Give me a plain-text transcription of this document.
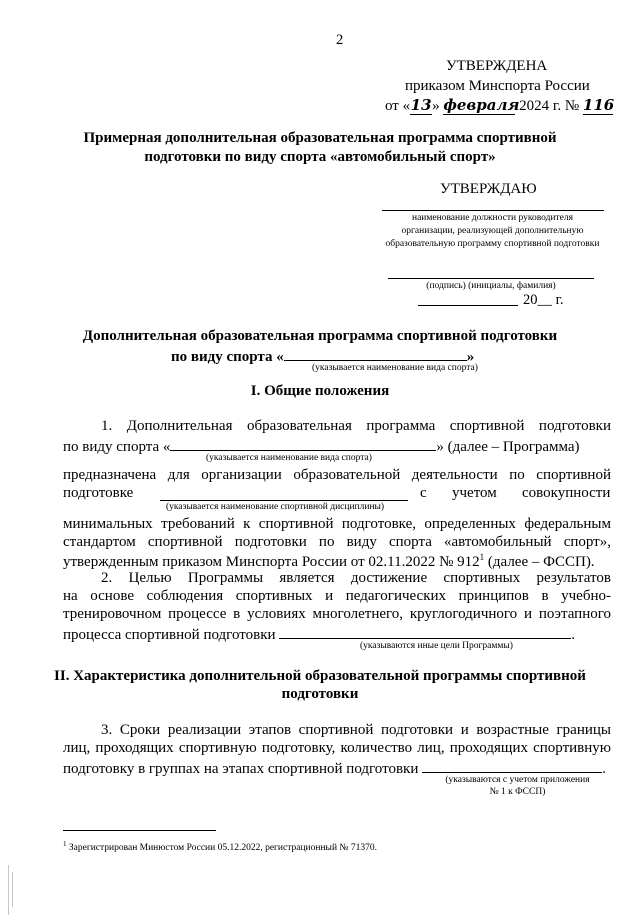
2
УТВЕРЖДЕНА
приказом Минспорта России
от «13» февраля 2024 г. № 116
Примерная дополнительная образовательная программа спортивной
подготовки по виду спорта «автомобильный спорт»
УТВЕРЖДАЮ
наименование должности руководителя
организации, реализующей дополнительную
образовательную программу спортивной подготовки
(подпись) (инициалы, фамилия)
20__ г.
Дополнительная образовательная программа спортивной подготовки
по виду спорта «	»
(указывается наименование вида спорта)
I. Общие положения
1. Дополнительная образовательная программа спортивной подготовки
по виду спорта «	» (далее – Программа)
(указывается наименование вида спорта)
предназначена для организации образовательной деятельности по спортивной
подготовке	с учетом совокупности
(указывается наименование спортивной дисциплины)
минимальных требований к спортивной подготовке, определенных федеральным
стандартом спортивной подготовки по виду спорта «автомобильный спорт»,
утвержденным приказом Минспорта России от 02.11.2022 № $912^1$ (далее – ФССП).
2. Целью Программы является достижение спортивных результатов
на основе соблюдения спортивных и педагогических принципов в учебно-
тренировочном процессе в условиях многолетнего, круглогодичного и поэтапного
процесса спортивной подготовки	.
(указываются иные цели Программы)
II. Характеристика дополнительной образовательной программы спортивной
подготовки
3. Сроки реализации этапов спортивной подготовки и возрастные границы
лиц, проходящих спортивную подготовку, количество лиц, проходящих спортивную
подготовку в группах на этапах спортивной подготовки	.
(указываются с учетом приложения
№ 1 к ФССП)
$^1$ Зарегистрирован Минюстом России 05.12.2022, регистрационный № 71370.
